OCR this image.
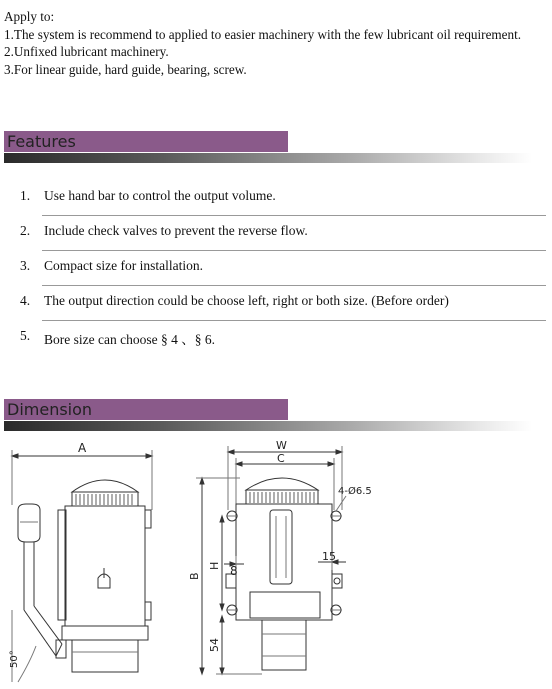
Apply to:

1.The system is recommend to applied to easier machinery with the few lubricant oil requirement.

2.Unfixed lubricant machinery.

3.For linear guide, hard guide, bearing, screw.

Features
1.	Use hand bar to control the output volume.
2.	Include check valves to prevent the reverse flow.
3.	Compact size for installation.
4.	The output direction could be choose left, right or both size. (Before order)
5.	Bore size can choose § 4 、§ 6.
Dimension
A
50°
W
C
4-Ø6.5
8
15
B
H
54
